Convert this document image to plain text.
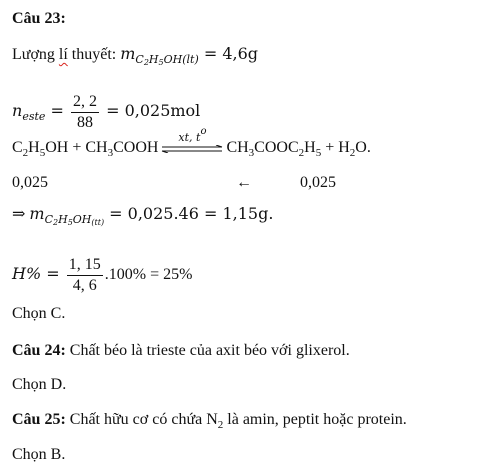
Câu 23:
Lượng lí thuyết: $m_{C_2H_5OH(lt)} = 4,6g$
$n_{este} = \frac{2, 2}{88} = 0,025mol$
$C_2H_5OH$ + $CH_3COOH$
xt, $t^o$
$CH_3COOC_2H_5 + H_2O$.
0,025	←	0,025
⇒ $m_{C_2H_5OH_{(tt)}} = 0,025.46 = 1,15g$.
$H\% = \frac{1, 15}{4, 6} .100\% = 25\%$
Chọn C.
Câu 24: Chất béo là trieste của axit béo với glixerol.
Chọn D.
Câu 25: Chất hữu cơ có chứa $N_2$ là amin, peptit hoặc protein.
Chọn B.
